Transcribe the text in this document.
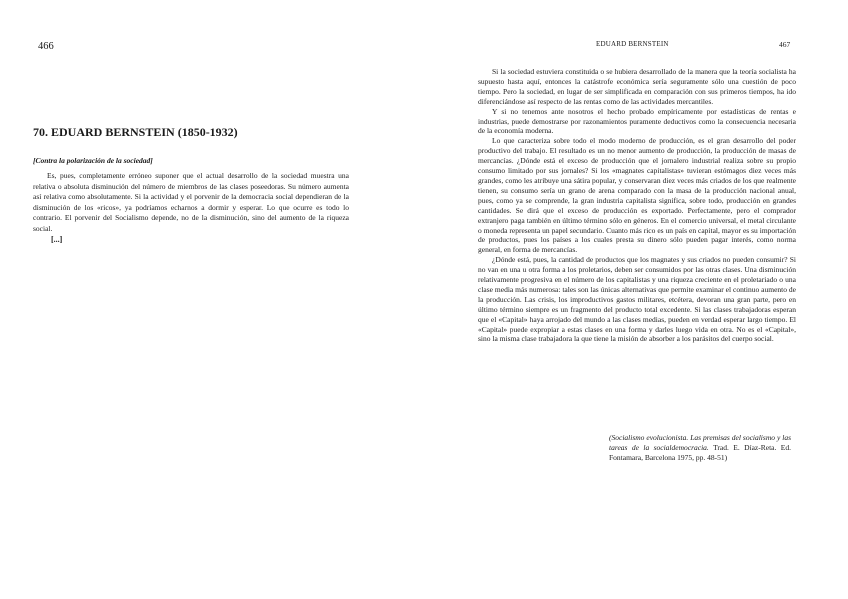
466
70. EDUARD BERNSTEIN (1850-1932)
[Contra la polarización de la sociedad]

Es, pues, completamente erróneo suponer que el actual desarrollo de la sociedad muestra una relativa o absoluta disminución del número de miembros de las clases poseedoras. Su número aumenta así relativa como absolutamente. Si la actividad y el porvenir de la democracia social dependieran de la disminución de los «ricos», ya podríamos echarnos a dormir y esperar. Lo que ocurre es todo lo contrario. El porvenir del Socialismo depende, no de la disminución, sino del aumento de la riqueza social.

[...]
EDUARD BERNSTEIN	467

Si la sociedad estuviera constituida o se hubiera desarrollado de la manera que la teoría socialista ha supuesto hasta aquí, entonces la catástrofe económica sería seguramente sólo una cuestión de poco tiempo. Pero la sociedad, en lugar de ser simplificada en comparación con sus primeros tiempos, ha ido diferenciándose así respecto de las rentas como de las actividades mercantiles.

Y si no tenemos ante nosotros el hecho probado empíricamente por estadísticas de rentas e industrias, puede demostrarse por razonamientos puramente deductivos como la consecuencia necesaria de la economía moderna.

Lo que caracteriza sobre todo el modo moderno de producción, es el gran desarrollo del poder productivo del trabajo. El resultado es un no menor aumento de producción, la producción de masas de mercancías. ¿Dónde está el exceso de producción que el jornalero industrial realiza sobre su propio consumo limitado por sus jornales? Si los «magnates capitalistas» tuvieran estómagos diez veces más grandes, como les atribuye una sátira popular, y conservaran diez veces más criados de los que realmente tienen, su consumo sería un grano de arena comparado con la masa de la producción nacional anual, pues, como ya se comprende, la gran industria capitalista significa, sobre todo, producción en grandes cantidades. Se dirá que el exceso de producción es exportado. Perfectamente, pero el comprador extranjero paga también en último término sólo en géneros. En el comercio universal, el metal circulante o moneda representa un papel secundario. Cuanto más rico es un país en capital, mayor es su importación de productos, pues los países a los cuales presta su dinero sólo pueden pagar interés, como norma general, en forma de mercancías.

¿Dónde está, pues, la cantidad de productos que los magnates y sus criados no pueden consumir? Si no van en una u otra forma a los proletarios, deben ser consumidos por las otras clases. Una disminución relativamente progresiva en el número de los capitalistas y una riqueza creciente en el proletariado o una clase media más numerosa: tales son las únicas alternativas que permite examinar el continuo aumento de la producción. Las crisis, los improductivos gastos militares, etcétera, devoran una gran parte, pero en último término siempre es un fragmento del producto total excedente. Si las clases trabajadoras esperan que el «Capital» haya arrojado del mundo a las clases medias, pueden en verdad esperar largo tiempo. El «Capital» puede expropiar a estas clases en una forma y darles luego vida en otra. No es el «Capital», sino la misma clase trabajadora la que tiene la misión de absorber a los parásitos del cuerpo social.

(Socialismo evolucionista. Las premisas del socialismo y las tareas de la socialdemocracia. Trad. E. Díaz-Reta. Ed. Fontamara, Barcelona 1975, pp. 48-51)
